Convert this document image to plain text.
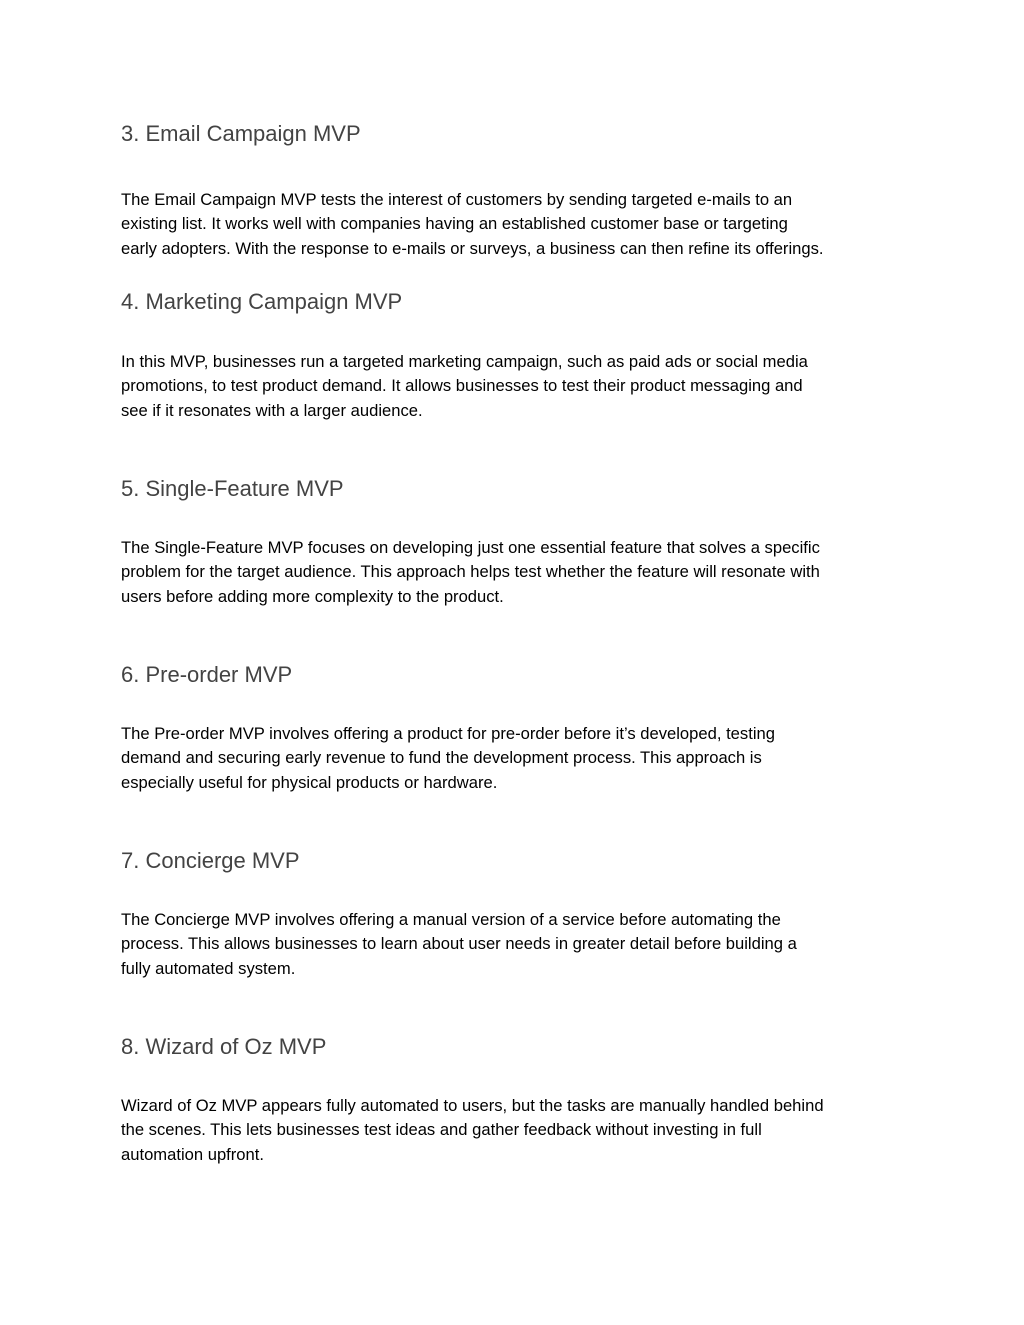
3. Email Campaign MVP

The Email Campaign MVP tests the interest of customers by sending targeted e-mails to an
existing list. It works well with companies having an established customer base or targeting
early adopters. With the response to e-mails or surveys, a business can then refine its offerings.

4. Marketing Campaign MVP

In this MVP, businesses run a targeted marketing campaign, such as paid ads or social media
promotions, to test product demand. It allows businesses to test their product messaging and
see if it resonates with a larger audience.

5. Single-Feature MVP

The Single-Feature MVP focuses on developing just one essential feature that solves a specific
problem for the target audience. This approach helps test whether the feature will resonate with
users before adding more complexity to the product.

6. Pre-order MVP

The Pre-order MVP involves offering a product for pre-order before it’s developed, testing
demand and securing early revenue to fund the development process. This approach is
especially useful for physical products or hardware.

7. Concierge MVP

The Concierge MVP involves offering a manual version of a service before automating the
process. This allows businesses to learn about user needs in greater detail before building a
fully automated system.

8. Wizard of Oz MVP

Wizard of Oz MVP appears fully automated to users, but the tasks are manually handled behind
the scenes. This lets businesses test ideas and gather feedback without investing in full
automation upfront.
